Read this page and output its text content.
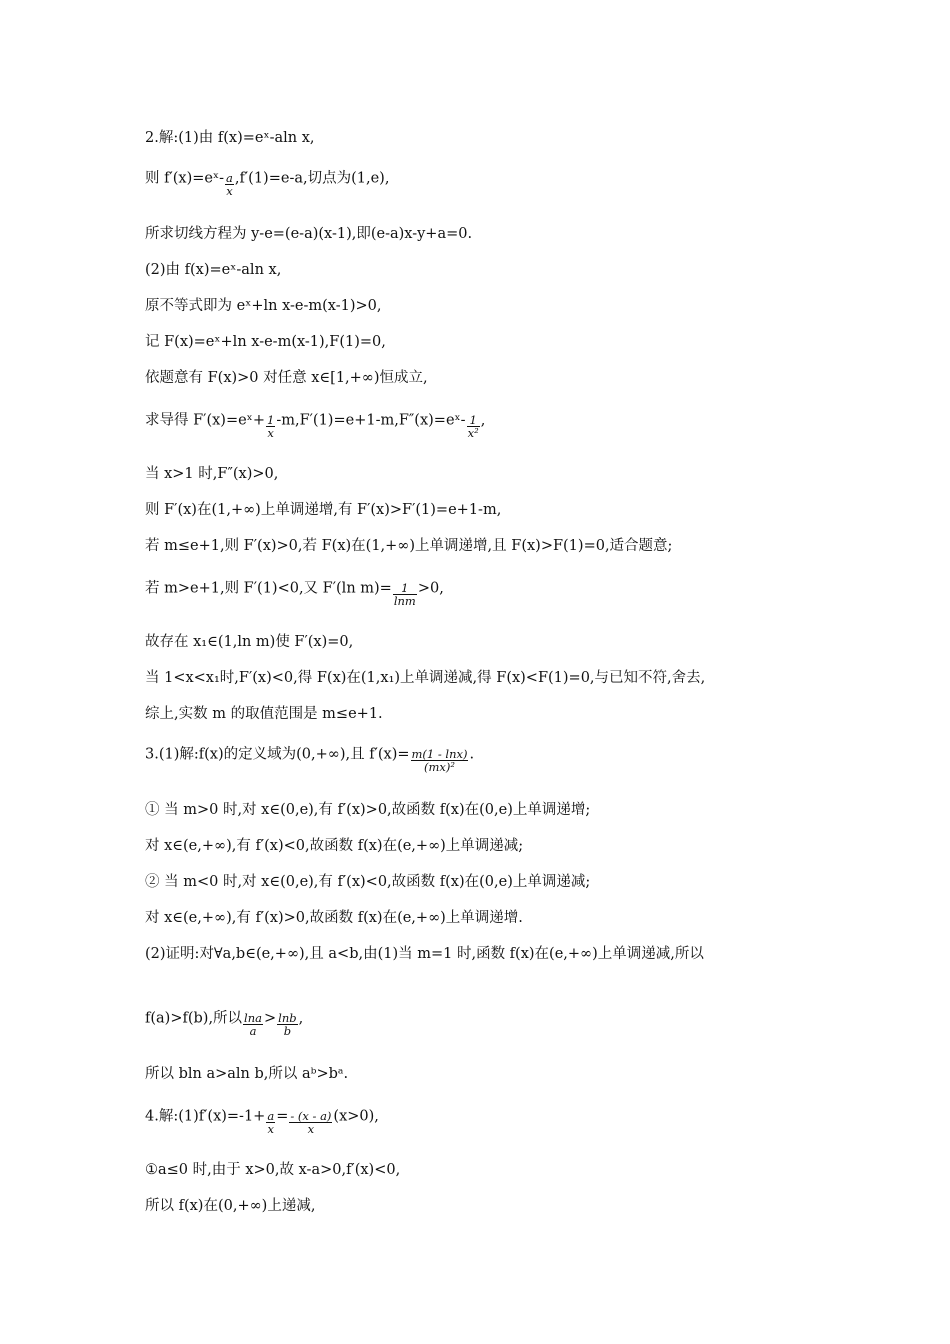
2.解:(1)由 f(x)=eˣ-aln x,
则 f′(x)=eˣ- $\frac{a}{x} ,f'(1)=e-a$,切点为(1,e),
所求切线方程为 y-e=(e-a)(x-1),即(e-a)x-y+a=0.
(2)由 f(x)=eˣ-aln x,
原不等式即为 eˣ+ln x-e-m(x-1)>0,
记 F(x)=eˣ+ln x-e-m(x-1),F(1)=0,
依题意有 F(x)>0 对任意 x∈[1,+∞)恒成立,
求导得 F′(x)=eˣ+ $\frac{1}{x}$ -m,F′(1)=e+1-m,F″(x)=eˣ- $\frac{1}{\text{x²}}$ ,
当 x>1 时,F″(x)>0,
则 F′(x)在(1,+∞)上单调递增,有 F′(x)>F′(1)=e+1-m,
若 m≤e+1,则 F′(x)>0,若 F(x)在(1,+∞)上单调递增,且 F(x)>F(1)=0,适合题意;
若 m>e+1,则 F′(1)<0,又 F′(ln $m)= \frac{1}{\ln m} >0$,
故存在 x₁∈(1,ln m)使 F′(x)=0,
当 1<x<x₁时,F′(x)<0,得 F(x)在(1,x₁)上单调递减,得 F(x)<F(1)=0,与已知不符,舍去,
综上,实数 m 的取值范围是 m≤e+1.
3.(1)解:f(x)的定义域为(0,+∞),且 $f'(x)= \frac{m(1 - \ln x)}{\text{(mx)²}}$ .
① 当 m>0 时,对 x∈(0,e),有 f′(x)>0,故函数 f(x)在(0,e)上单调递增;
对 x∈(e,+∞),有 f′(x)<0,故函数 f(x)在(e,+∞)上单调递减;
② 当 m<0 时,对 x∈(0,e),有 f′(x)<0,故函数 f(x)在(0,e)上单调递减;
对 x∈(e,+∞),有 f′(x)>0,故函数 f(x)在(e,+∞)上单调递增.
(2)证明:对∀a,b∈(e,+∞),且 a<b,由(1)当 m=1 时,函数 f(x)在(e,+∞)上单调递减,所以
f(a)>f(b),所以 $\frac{\ln a}{a} > \frac{\ln b}{b}$ ,
所以 bln a>aln b,所以 aᵇ>bᵃ.
4.解:(1)f′(x)=-1+ $\frac{a}{x} = \frac{- (x - a)}{x} (x>0)$,
①a≤0 时,由于 x>0,故 x-a>0,f′(x)<0,
所以 f(x)在(0,+∞)上递减,
